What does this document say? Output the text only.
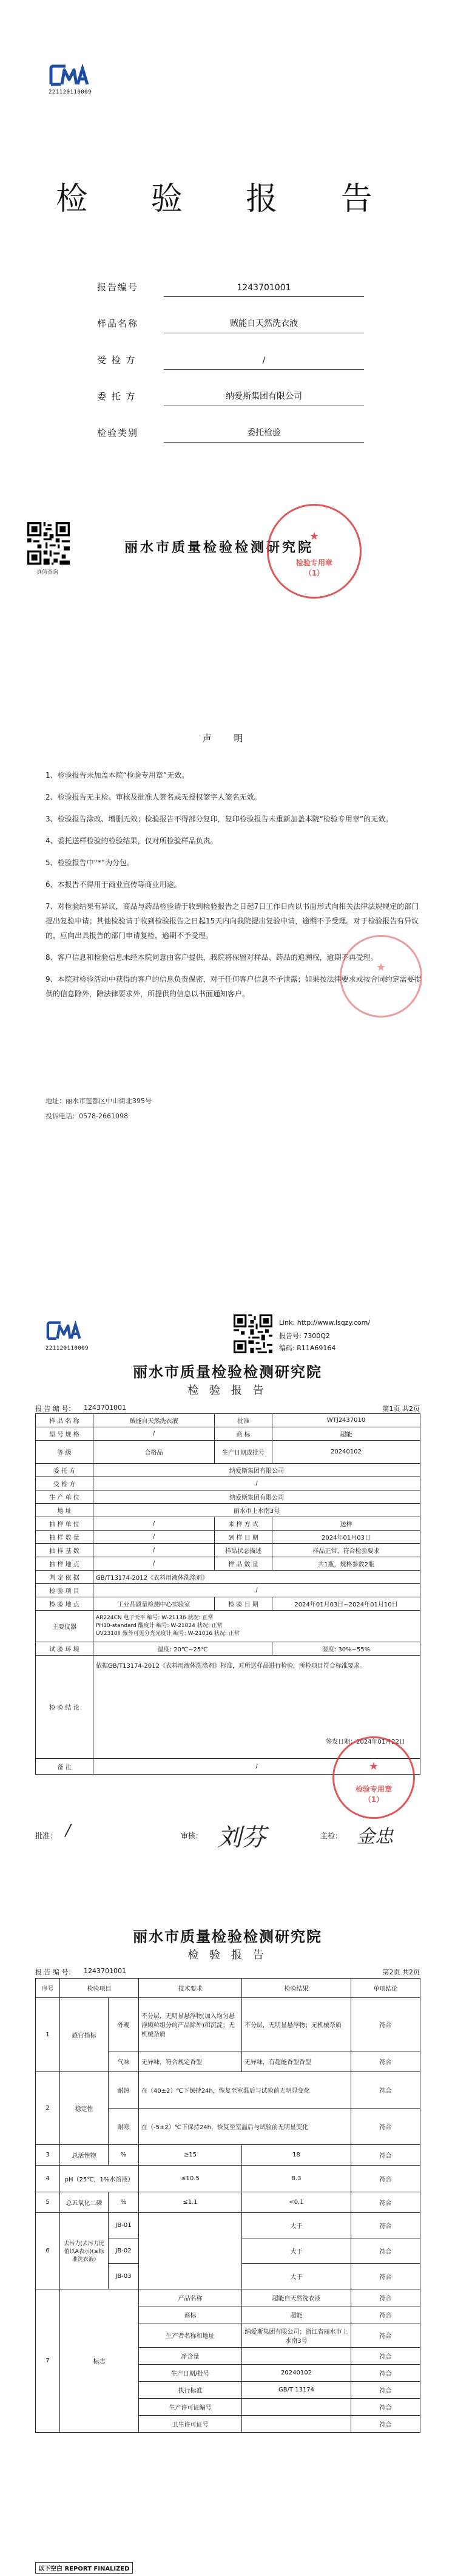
221120110009
检 验 报 告
报告编号	1243701001
样品名称	贼能自天然洗衣液
受 检 方	/
委 托 方	纳爱斯集团有限公司
检验类别	委托检验
真伪查询
丽水市质量检验检测研究院
★
检验专用章
（1）
声 明

1、检验报告未加盖本院“检验专用章”无效。

2、检验报告无主检、审核及批准人签名或无授权签字人签名无效。

3、检验报告涂改、增删无效；检验报告不得部分复印，复印检验报告未重新加盖本院“检验专用章”的无效。

4、委托送样检验的检验结果，仅对所检验样品负责。

5、检验报告中“*”为分包。

6、本报告不得用于商业宣传等商业用途。

7、对检验结果有异议，商品与药品检验请于收到检验报告之日起7日工作日内以书面形式向相关法律法规规定的部门提出复验申请；其他检验请于收到检验报告之日起15天内向我院提出复验申请，逾期不予受理。对于检验报告有异议的，应向出具报告的部门申请复检，逾期不予受理。

8、客户信息和检验信息未经本院同意由客户提供，我院将保留对样品、药品的追溯权，逾期不再受理。

9、本院对检验活动中获得的客户的信息负责保密，对于任何客户信息不予泄露；如果按法律要求或按合同约定需要提供的信息除外，除法律要求外，所提供的信息以书面通知客户。

★
地址：丽水市莲都区中山街北395号
投诉电话：0578-2661098
221120110009
Link: http://www.lsqzy.com/
报告号: 7300Q2
编码: R11A69164
丽水市质量检验检测研究院
检 验 报 告
报 告 编 号： 1243701001	第1页 共2页
样 品 名 称	贼能自天然洗衣液	批准	WTJ2437010
型 号 规 格	/	商 标	超能
等 级	合格品	生产日期或批号	20240102
委 托 方	纳爱斯集团有限公司		
受 检 方	/		
生 产 单 位	纳爱斯集团有限公司		
地 址	丽水市上水南3号		
抽 样 单 位	/	来 样 方 式	送样
抽 样 数 量	/	到 样 日 期	2024年01月03日
抽 样 基 数	/	样品状态描述	样品正常，符合检验要求
抽 样 地 点	/	样 品 数 量	共1瓶，规格参数2瓶
判 定 依 据	GB/T13174-2012《衣料用液体洗涤剂》		
检 验 项 目	/		
检 验 地 点	工业品质量检测中心实验室	检 验 日 期	2024年01月03日~2024年01月10日
主要仪器	AR224CN 电子天平 编号: W-21136 状况: 正常
PH10-standard 酸度计 编号: W-21024 状况: 正常
UV2310II 紫外可见分光光度计 编号: W-21016 状况: 正常		
试 验 环 境	温度: 20℃~25℃		湿度: 30%~55%
检 验 结 论	依据GB/T13174-2012《衣料用液体洗涤剂》标准，对所送样品进行检验，所检项目符合标准要求。
签发日期：2024年01月22日		

备 注	/			★
检验专用章
（1）
批准： /	审核： 刘芬	主检： 金忠
丽水市质量检验检测研究院
检 验 报 告
报 告 编 号： 1243701001	第2页 共2页
序号	检验项目		技术要求	检验结果	单项结论
1	感官指标	外观	不分层，无明显悬浮物(加入均匀悬浮颗粒组分的产品除外)和沉淀；无机械杂质	不分层，无明显悬浮物；无机械杂质	符合
		气味	无异味，符合规定香型	无异味，有超能香型香型	符合
2	稳定性	耐热	在（40±2）℃下保持24h，恢复至室温后与试验前无明显变化		符合
		耐寒	在（-5±2）℃下保持24h，恢复至室温后与试验前无明显变化		符合
3	总活性物	%	≥15	18	符合
4	pH（25℃，1%水溶液）		≤10.5	8.3	符合
5	总五氧化二磷	%	≤1.1	<0.1	符合
6	去污力(去污力比值以A表示)(≥标准洗衣液)	JB-01		大于	符合
		JB-02		大于	符合
		JB-03		大于	符合
7	标志		产品名称	超能自天然洗衣液	符合
			商标	超能	符合
			生产者名称和地址	纳爱斯集团有限公司；浙江省丽水市上水南3号	符合
			净含量		符合
			生产日期/批号	20240102	符合
			执行标准	GB/T 13174	符合
			生产许可证编号		符合
			卫生许可证号		符合
以下空白 REPORT FINALIZED
